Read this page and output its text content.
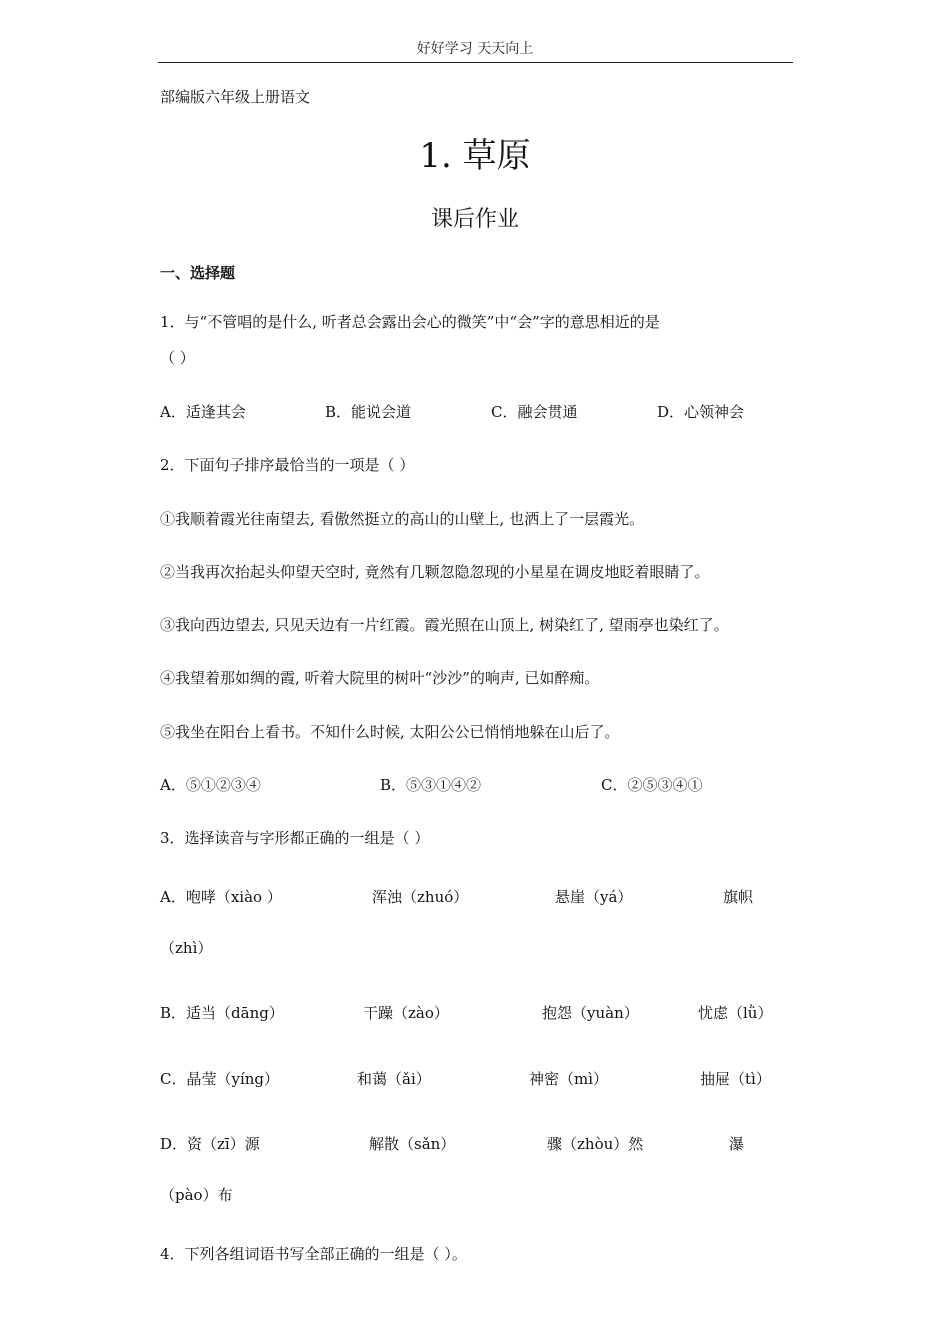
好好学习 天天向上
部编版六年级上册语文
1. 草原
课后作业
一、选择题
1．与“不管唱的是什么, 听者总会露出会心的微笑”中“会”字的意思相近的是
（ ）
A．适逢其会	B．能说会道	C．融会贯通	D．心领神会
2．下面句子排序最恰当的一项是（ ）
①我顺着霞光往南望去, 看傲然挺立的高山的山壁上, 也洒上了一层霞光。
②当我再次抬起头仰望天空时, 竟然有几颗忽隐忽现的小星星在调皮地眨着眼睛了。
③我向西边望去, 只见天边有一片红霞。霞光照在山顶上, 树染红了, 望雨亭也染红了。
④我望着那如绸的霞, 听着大院里的树叶“沙沙”的响声, 已如醉痴。
⑤我坐在阳台上看书。不知什么时候, 太阳公公已悄悄地躲在山后了。
A．⑤①②③④	B．⑤③①④②	C．②⑤③④①
3．选择读音与字形都正确的一组是（ ）
A．咆哮（xiào ）	浑浊（zhuó）	悬崖（yá）	旗帜
（zhì）
B．适当（dāng）	干躁（zào）	抱怨（yuàn）	忧虑（lǜ）
C．晶莹（yíng）	和蔼（ǎi）	神密（mì）	抽屉（tì）
D．资（zī）源	解散（sǎn）	骤（zhòu）然	瀑
（pào）布
4．下列各组词语书写全部正确的一组是（ ）。
